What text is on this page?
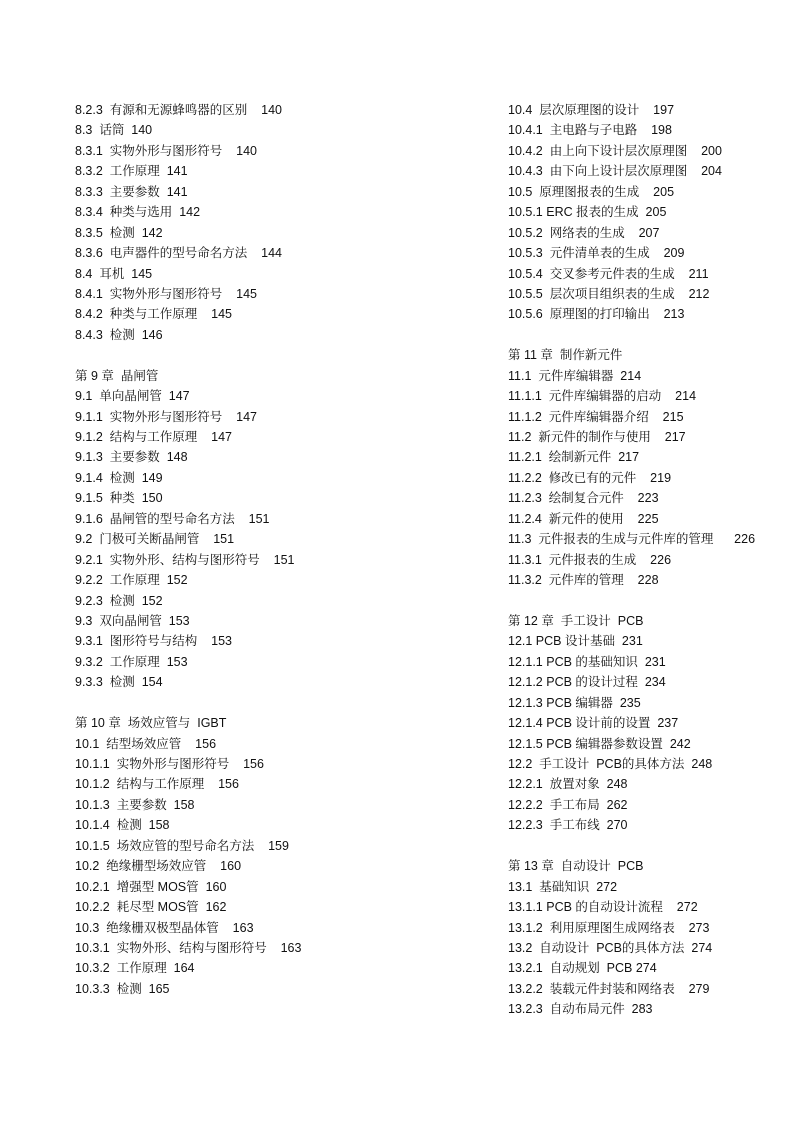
8.2.3  有源和无源蜂鸣器的区别    140
8.3  话筒  140
8.3.1  实物外形与图形符号    140
8.3.2  工作原理  141
8.3.3  主要参数  141
8.3.4  种类与选用  142
8.3.5  检测  142
8.3.6  电声器件的型号命名方法    144
8.4  耳机  145
8.4.1  实物外形与图形符号    145
8.4.2  种类与工作原理    145
8.4.3  检测  146
第 9 章  晶闸管
9.1  单向晶闸管  147
9.1.1  实物外形与图形符号    147
9.1.2  结构与工作原理    147
9.1.3  主要参数  148
9.1.4  检测  149
9.1.5  种类  150
9.1.6  晶闸管的型号命名方法    151
9.2  门极可关断晶闸管    151
9.2.1  实物外形、结构与图形符号    151
9.2.2  工作原理  152
9.2.3  检测  152
9.3  双向晶闸管  153
9.3.1  图形符号与结构    153
9.3.2  工作原理  153
9.3.3  检测  154
第 10 章  场效应管与  IGBT
10.1  结型场效应管    156
10.1.1  实物外形与图形符号    156
10.1.2  结构与工作原理    156
10.1.3  主要参数  158
10.1.4  检测  158
10.1.5  场效应管的型号命名方法    159
10.2  绝缘栅型场效应管    160
10.2.1  增强型 MOS管  160
10.2.2  耗尽型 MOS管  162
10.3  绝缘栅双极型晶体管    163
10.3.1  实物外形、结构与图形符号    163
10.3.2  工作原理  164
10.3.3  检测  165
10.4  层次原理图的设计    197
10.4.1  主电路与子电路    198
10.4.2  由上向下设计层次原理图    200
10.4.3  由下向上设计层次原理图    204
10.5  原理图报表的生成    205
10.5.1 ERC 报表的生成  205
10.5.2  网络表的生成    207
10.5.3  元件清单表的生成    209
10.5.4  交叉参考元件表的生成    211
10.5.5  层次项目组织表的生成    212
10.5.6  原理图的打印输出    213
第 11 章  制作新元件
11.1  元件库编辑器  214
11.1.1  元件库编辑器的启动    214
11.1.2  元件库编辑器介绍    215
11.2  新元件的制作与使用    217
11.2.1  绘制新元件  217
11.2.2  修改已有的元件    219
11.2.3  绘制复合元件    223
11.2.4  新元件的使用    225
11.3  元件报表的生成与元件库的管理      226
11.3.1  元件报表的生成    226
11.3.2  元件库的管理    228
第 12 章  手工设计  PCB
12.1 PCB 设计基础  231
12.1.1 PCB 的基础知识  231
12.1.2 PCB 的设计过程  234
12.1.3 PCB 编辑器  235
12.1.4 PCB 设计前的设置  237
12.1.5 PCB 编辑器参数设置  242
12.2  手工设计  PCB的具体方法  248
12.2.1  放置对象  248
12.2.2  手工布局  262
12.2.3  手工布线  270
第 13 章  自动设计  PCB
13.1  基础知识  272
13.1.1 PCB 的自动设计流程    272
13.1.2  利用原理图生成网络表    273
13.2  自动设计  PCB的具体方法  274
13.2.1  自动规划  PCB 274
13.2.2  装载元件封装和网络表    279
13.2.3  自动布局元件  283
